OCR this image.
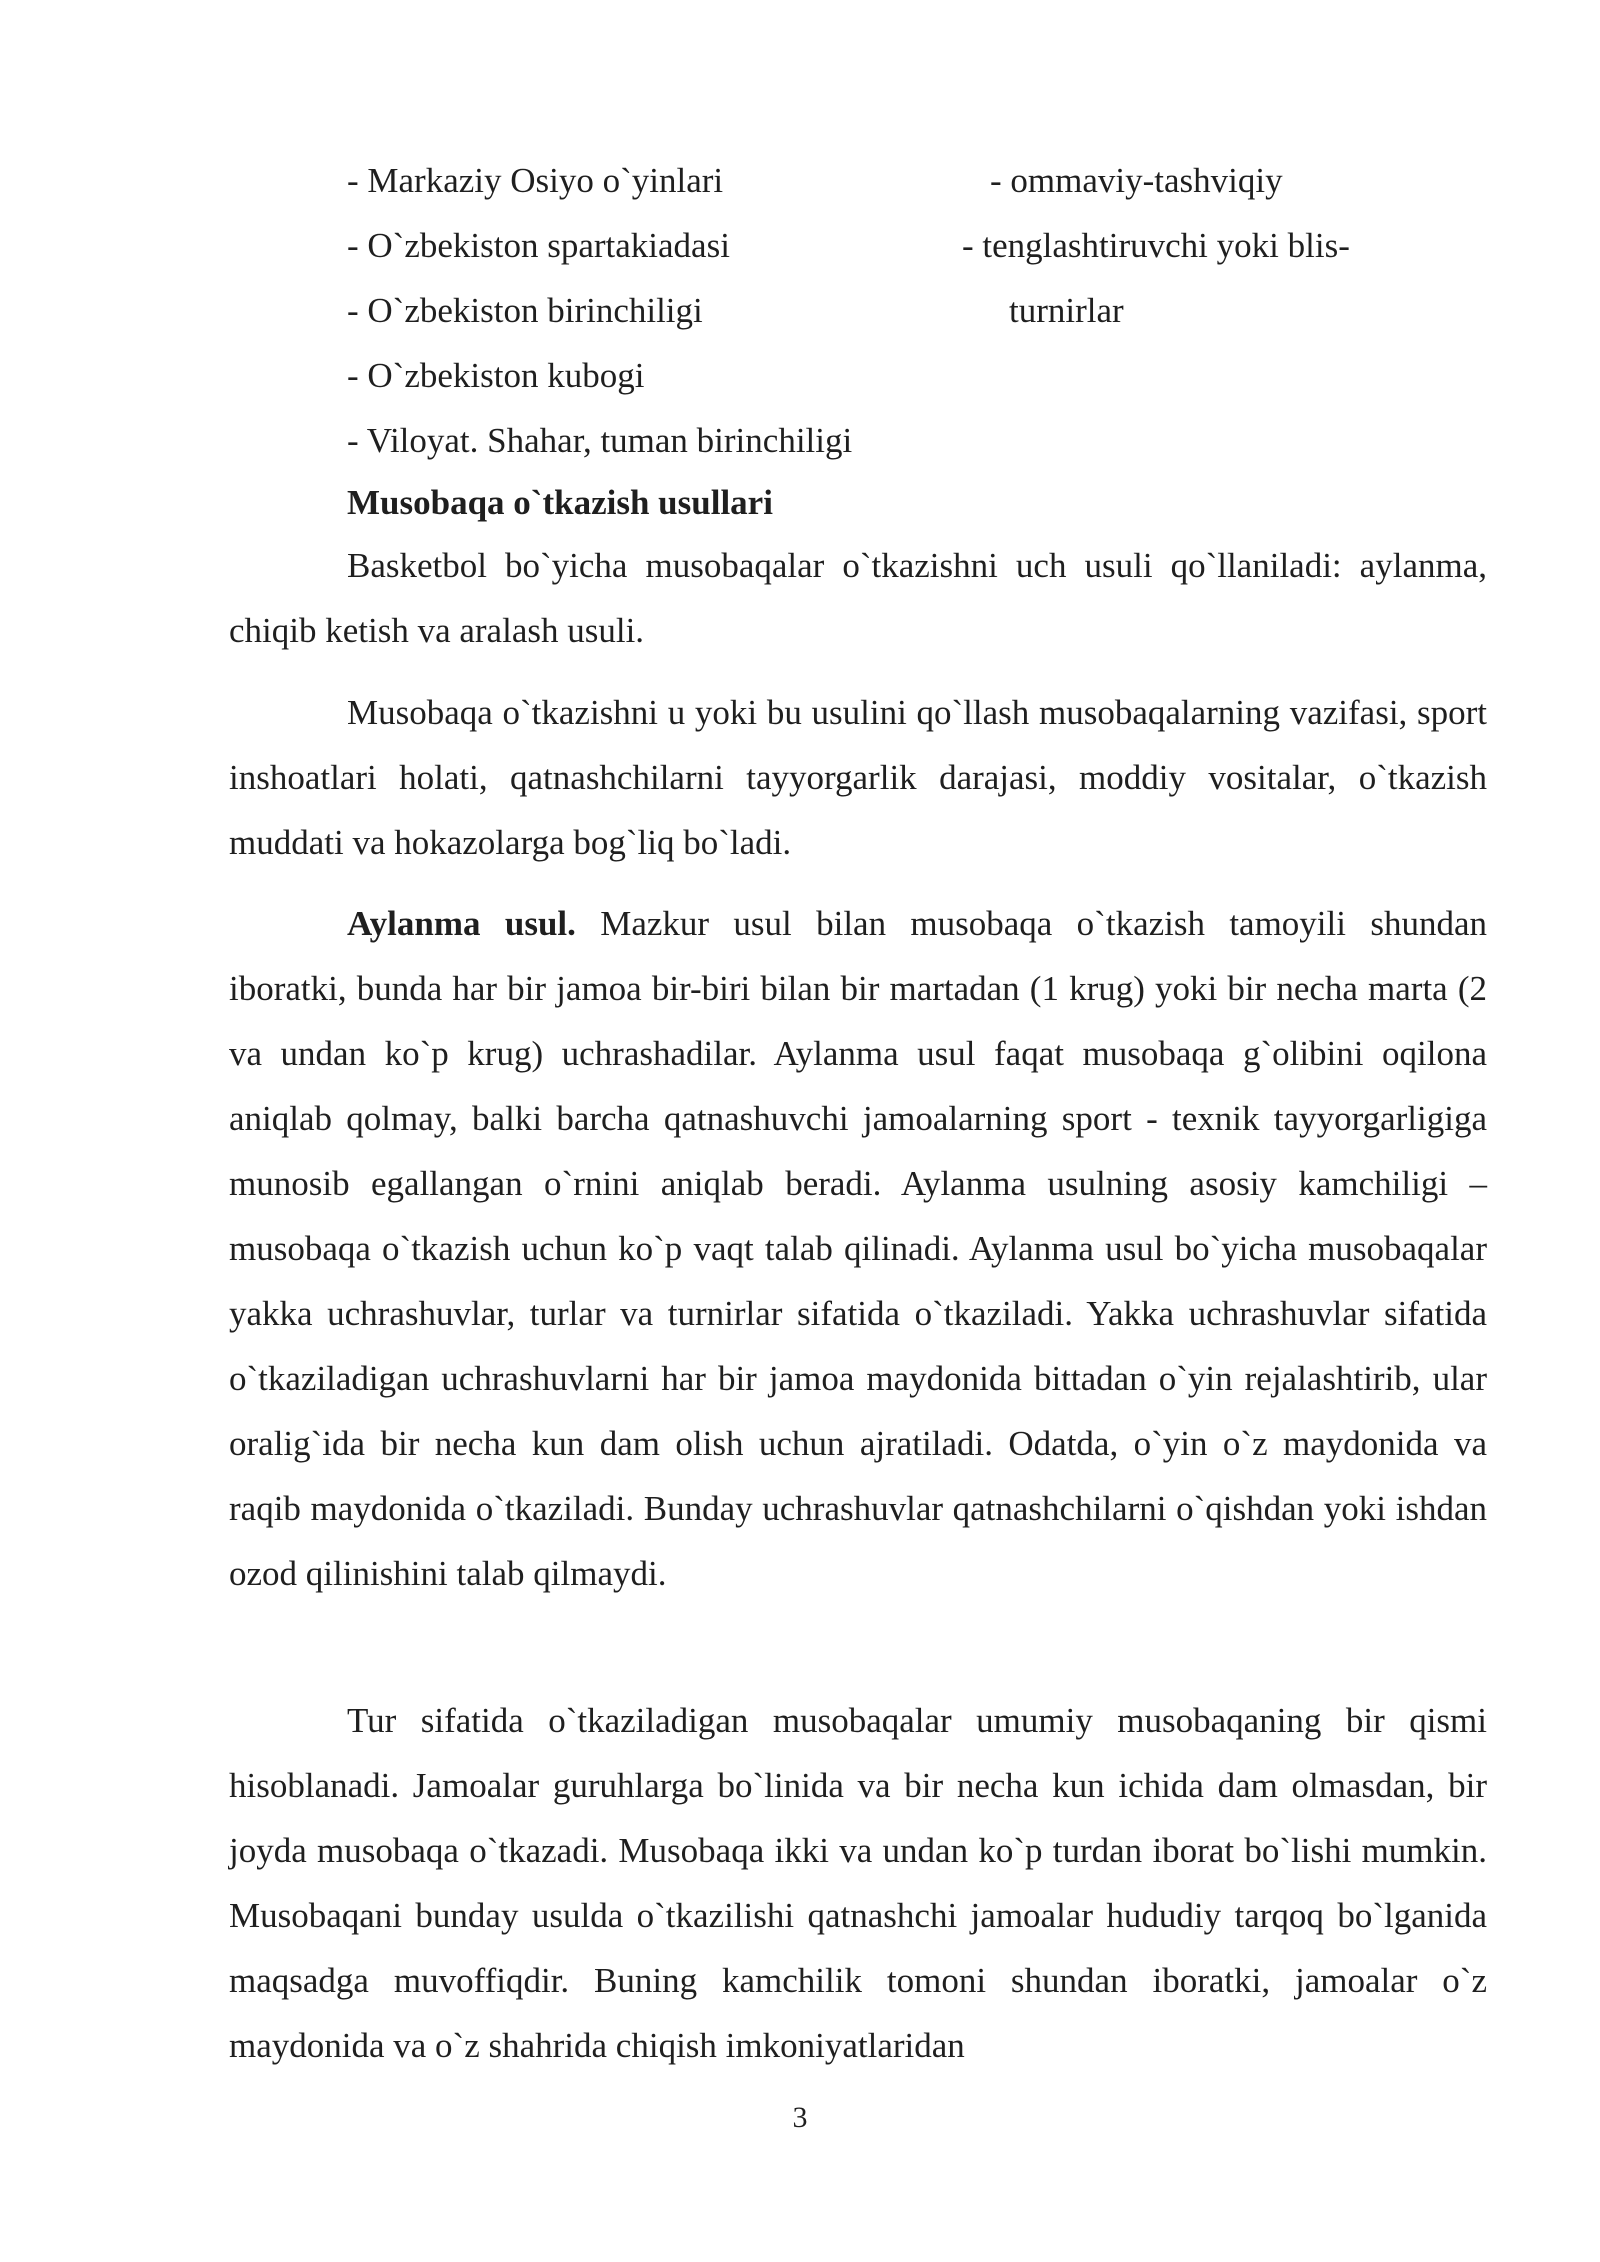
- Markaziy Osiyo o`yinlari	- ommaviy-tashviqiy
- O`zbekiston spartakiadasi	- tenglashtiruvchi yoki blis-
- O`zbekiston birinchiligi	turnirlar
- O`zbekiston kubogi
- Viloyat. Shahar, tuman birinchiligi
Musobaqa o`tkazish usullari

Basketbol bo`yicha musobaqalar o`tkazishni uch usuli qo`llaniladi: aylanma, chiqib ketish va aralash usuli.

Musobaqa o`tkazishni u yoki bu usulini qo`llash musobaqalarning vazifasi, sport inshoatlari holati, qatnashchilarni tayyorgarlik darajasi, moddiy vositalar, o`tkazish muddati va hokazolarga bog`liq bo`ladi.

Aylanma usul. Mazkur usul bilan musobaqa o`tkazish tamoyili shundan iboratki, bunda har bir jamoa bir-biri bilan bir martadan (1 krug) yoki bir necha marta (2 va undan ko`p krug) uchrashadilar. Aylanma usul faqat musobaqa g`olibini oqilona aniqlab qolmay, balki barcha qatnashuvchi jamoalarning sport - texnik tayyorgarligiga munosib egallangan o`rnini aniqlab beradi. Aylanma usulning asosiy kamchiligi – musobaqa o`tkazish uchun ko`p vaqt talab qilinadi. Aylanma usul bo`yicha musobaqalar yakka uchrashuvlar, turlar va turnirlar sifatida o`tkaziladi. Yakka uchrashuvlar sifatida o`tkaziladigan uchrashuvlarni har bir jamoa maydonida bittadan o`yin rejalashtirib, ular oralig`ida bir necha kun dam olish uchun ajratiladi. Odatda, o`yin o`z maydonida va raqib maydonida o`tkaziladi. Bunday uchrashuvlar qatnashchilarni o`qishdan yoki ishdan ozod qilinishini talab qilmaydi.

Tur sifatida o`tkaziladigan musobaqalar umumiy musobaqaning bir qismi hisoblanadi. Jamoalar guruhlarga bo`linida va bir necha kun ichida dam olmasdan, bir joyda musobaqa o`tkazadi. Musobaqa ikki va undan ko`p turdan iborat bo`lishi mumkin. Musobaqani bunday usulda o`tkazilishi qatnashchi jamoalar hududiy tarqoq bo`lganida maqsadga muvoffiqdir. Buning kamchilik tomoni shundan iboratki, jamoalar o`z maydonida va o`z shahrida chiqish imkoniyatlaridan

3
